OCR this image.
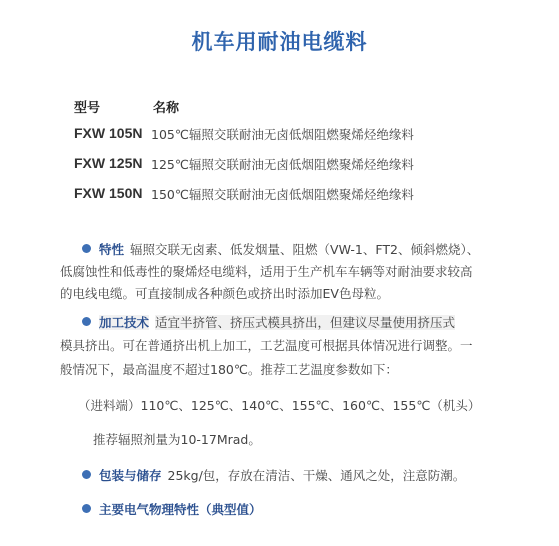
机车用耐油电缆料
型号	名称
FXW 105N 105℃辐照交联耐油无卤低烟阻燃聚烯烃绝缘料
FXW 125N 125℃辐照交联耐油无卤低烟阻燃聚烯烃绝缘料
FXW 150N 150℃辐照交联耐油无卤低烟阻燃聚烯烃绝缘料
特性 辐照交联无卤素、低发烟量、阻燃（VW-1、FT2、倾斜燃烧）、
低腐蚀性和低毒性的聚烯烃电缆料，适用于生产机车车辆等对耐油要求较高
的电线电缆。可直接制成各种颜色或挤出时添加EV色母粒。
加工技术 适宜半挤管、挤压式模具挤出，但建议尽量使用挤压式
模具挤出。可在普通挤出机上加工，工艺温度可根据具体情况进行调整。一
般情况下，最高温度不超过180℃。推荐工艺温度参数如下：
（进料端）110℃、125℃、140℃、155℃、160℃、155℃（机头）
推荐辐照剂量为10-17Mrad。
包装与储存 25kg/包，存放在清洁、干燥、通风之处，注意防潮。
主要电气物理特性（典型值）
